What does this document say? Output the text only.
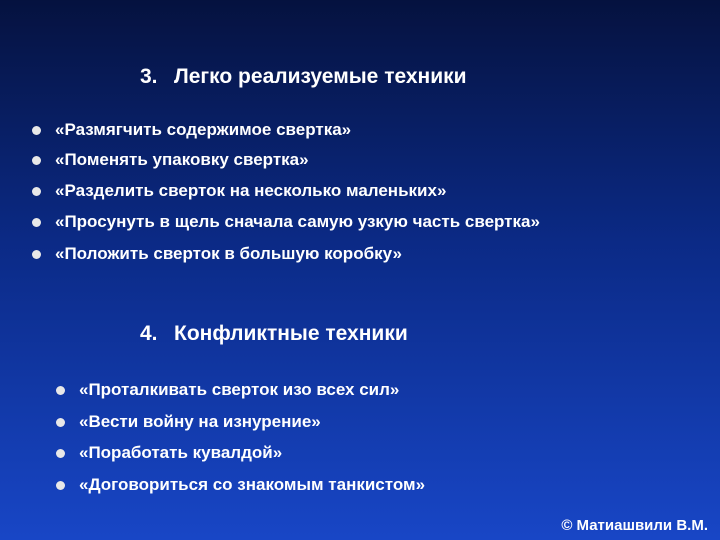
3. Легко реализуемые техники
«Размягчить содержимое свертка»
«Поменять упаковку свертка»
«Разделить сверток на несколько маленьких»
«Просунуть в щель сначала самую узкую часть свертка»
«Положить сверток в большую коробку»
4. Конфликтные техники
«Проталкивать сверток изо всех сил»
«Вести войну на изнурение»
«Поработать кувалдой»
«Договориться со знакомым танкистом»
© Матиашвили В.М.
